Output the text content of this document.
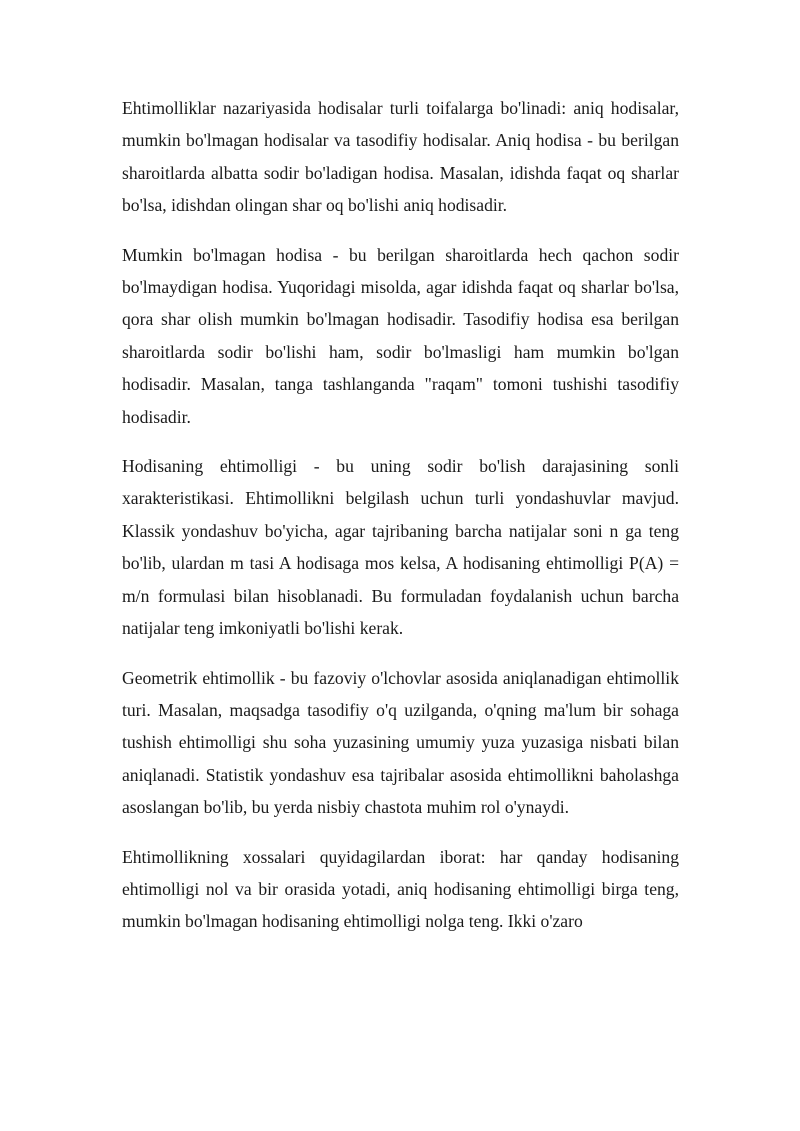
Ehtimolliklar nazariyasida hodisalar turli toifalarga bo'linadi: aniq hodisalar, mumkin bo'lmagan hodisalar va tasodifiy hodisalar. Aniq hodisa - bu berilgan sharoitlarda albatta sodir bo'ladigan hodisa. Masalan, idishda faqat oq sharlar bo'lsa, idishdan olingan shar oq bo'lishi aniq hodisadir.

Mumkin bo'lmagan hodisa - bu berilgan sharoitlarda hech qachon sodir bo'lmaydigan hodisa. Yuqoridagi misolda, agar idishda faqat oq sharlar bo'lsa, qora shar olish mumkin bo'lmagan hodisadir. Tasodifiy hodisa esa berilgan sharoitlarda sodir bo'lishi ham, sodir bo'lmasligi ham mumkin bo'lgan hodisadir. Masalan, tanga tashlanganda "raqam" tomoni tushishi tasodifiy hodisadir.

Hodisaning ehtimolligi - bu uning sodir bo'lish darajasining sonli xarakteristikasi. Ehtimollikni belgilash uchun turli yondashuvlar mavjud. Klassik yondashuv bo'yicha, agar tajribaning barcha natijalar soni n ga teng bo'lib, ulardan m tasi A hodisaga mos kelsa, A hodisaning ehtimolligi P(A) = m/n formulasi bilan hisoblanadi. Bu formuladan foydalanish uchun barcha natijalar teng imkoniyatli bo'lishi kerak.

Geometrik ehtimollik - bu fazoviy o'lchovlar asosida aniqlanadigan ehtimollik turi. Masalan, maqsadga tasodifiy o'q uzilganda, o'qning ma'lum bir sohaga tushish ehtimolligi shu soha yuzasining umumiy yuza yuzasiga nisbati bilan aniqlanadi. Statistik yondashuv esa tajribalar asosida ehtimollikni baholashga asoslangan bo'lib, bu yerda nisbiy chastota muhim rol o'ynaydi.

Ehtimollikning xossalari quyidagilardan iborat: har qanday hodisaning ehtimolligi nol va bir orasida yotadi, aniq hodisaning ehtimolligi birga teng, mumkin bo'lmagan hodisaning ehtimolligi nolga teng. Ikki o'zaro
